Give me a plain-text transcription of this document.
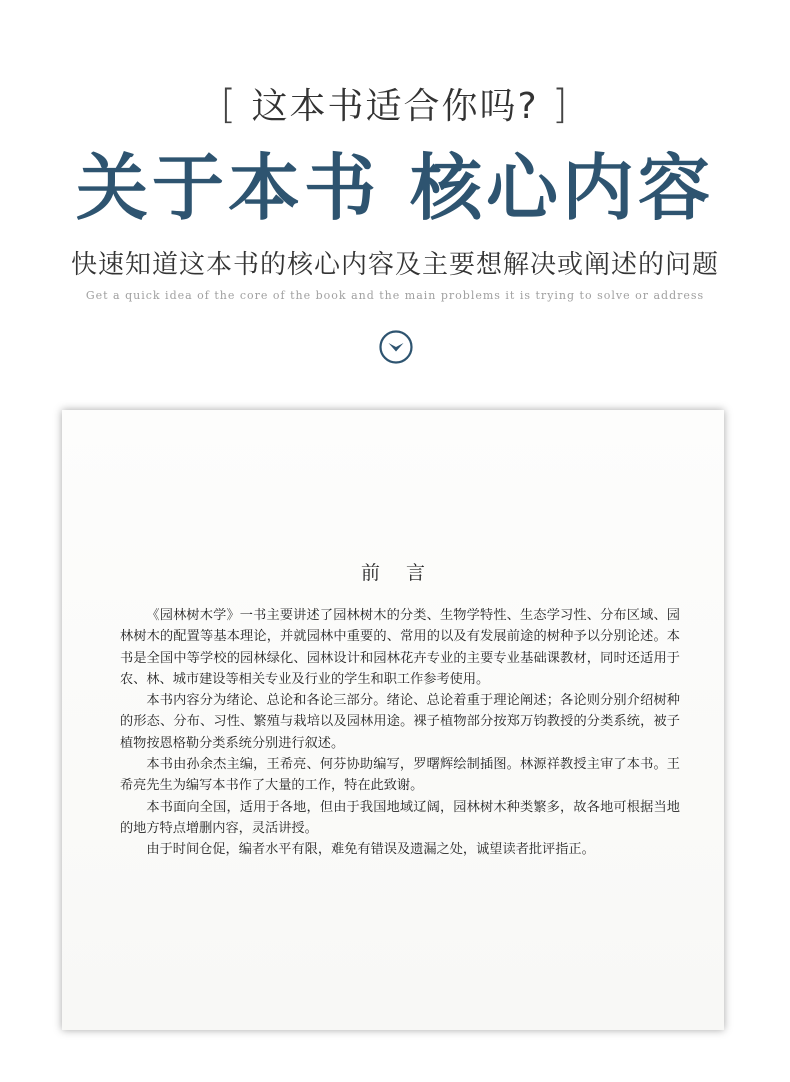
[ 这本书适合你吗? ]
关于本书 核心内容
快速知道这本书的核心内容及主要想解决或阐述的问题
Get a quick idea of the core of the book and the main problems it is trying to solve or address
前言

《园林树木学》一书主要讲述了园林树木的分类、生物学特性、生态学习性、分布区域、园林树木的配置等基本理论，并就园林中重要的、常用的以及有发展前途的树种予以分别论述。本书是全国中等学校的园林绿化、园林设计和园林花卉专业的主要专业基础课教材，同时还适用于农、林、城市建设等相关专业及行业的学生和职工作参考使用。

本书内容分为绪论、总论和各论三部分。绪论、总论着重于理论阐述；各论则分别介绍树种的形态、分布、习性、繁殖与栽培以及园林用途。裸子植物部分按郑万钧教授的分类系统，被子植物按恩格勒分类系统分别进行叙述。

本书由孙余杰主编，王希亮、何芬协助编写，罗曙辉绘制插图。林源祥教授主审了本书。王希亮先生为编写本书作了大量的工作，特在此致谢。

本书面向全国，适用于各地，但由于我国地域辽阔，园林树木种类繁多，故各地可根据当地的地方特点增删内容，灵活讲授。

由于时间仓促，编者水平有限，难免有错误及遗漏之处，诚望读者批评指正。
